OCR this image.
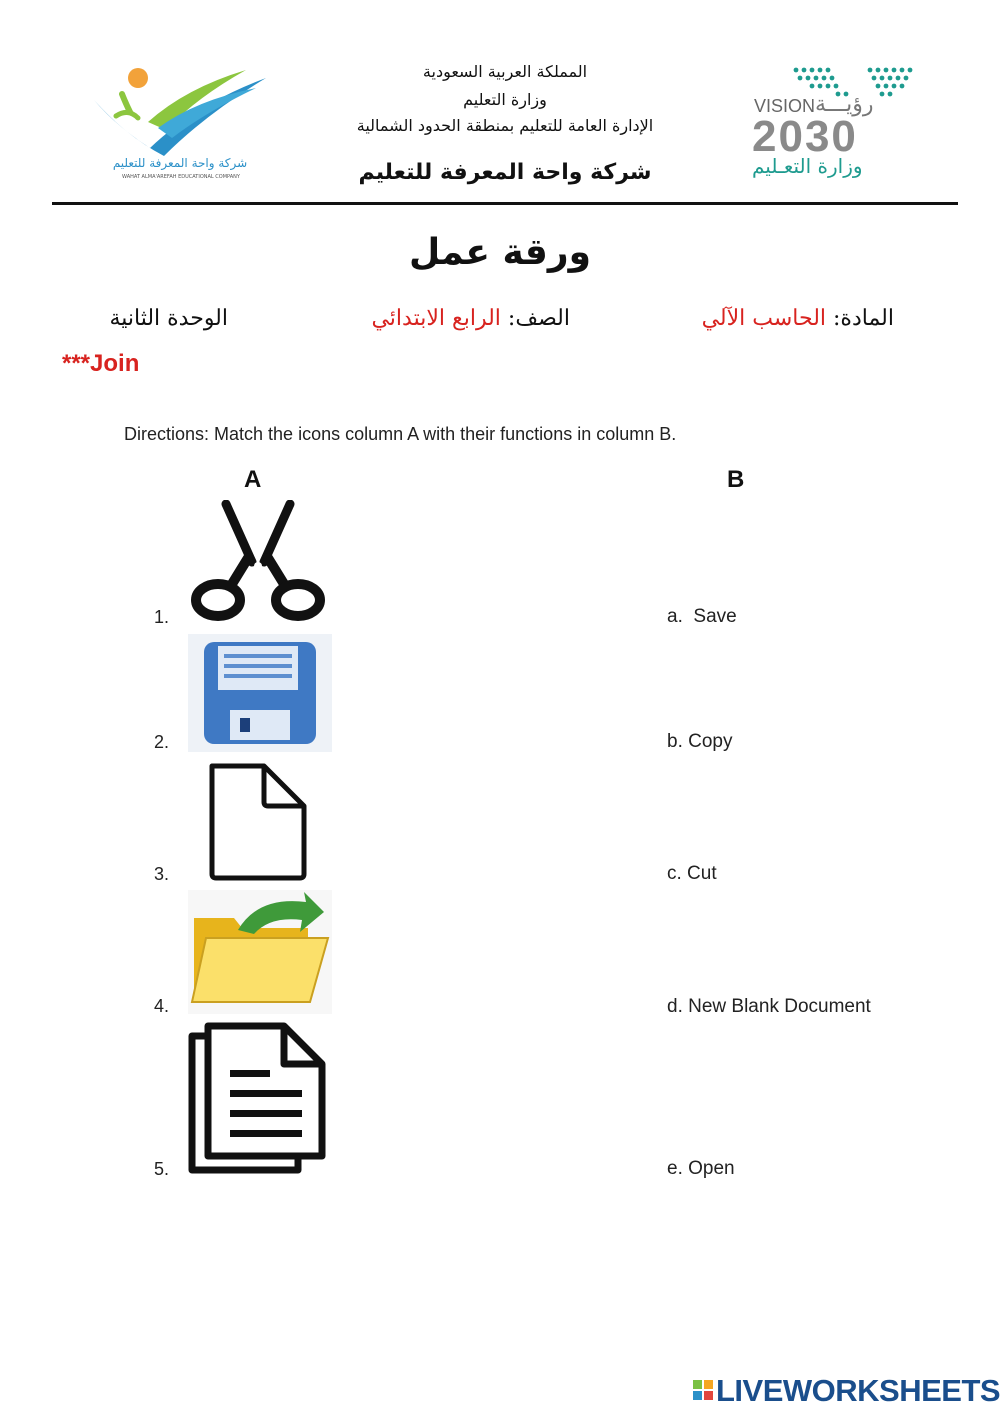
شركة واحة المعرفة للتعليم
WAHAT ALMA'AREFAH EDUCATIONAL COMPANY
VISION رؤيـــة
2030
وزارة التعـليم
المملكة العربية السعودية
وزارة التعليم
الإدارة العامة للتعليم بمنطقة الحدود الشمالية
شركة واحة المعرفة للتعليم
ورقة عمل
المادة: الحاسب الآلي
الصف: الرابع الابتدائي
الوحدة الثانية
***Join
Directions: Match the icons column A with their functions in column B.
A	B
1.
2.
3.
4.
5.
a.  Save
b. Copy
c. Cut
d. New Blank Document
e. Open
LIVEWORKSHEETS
